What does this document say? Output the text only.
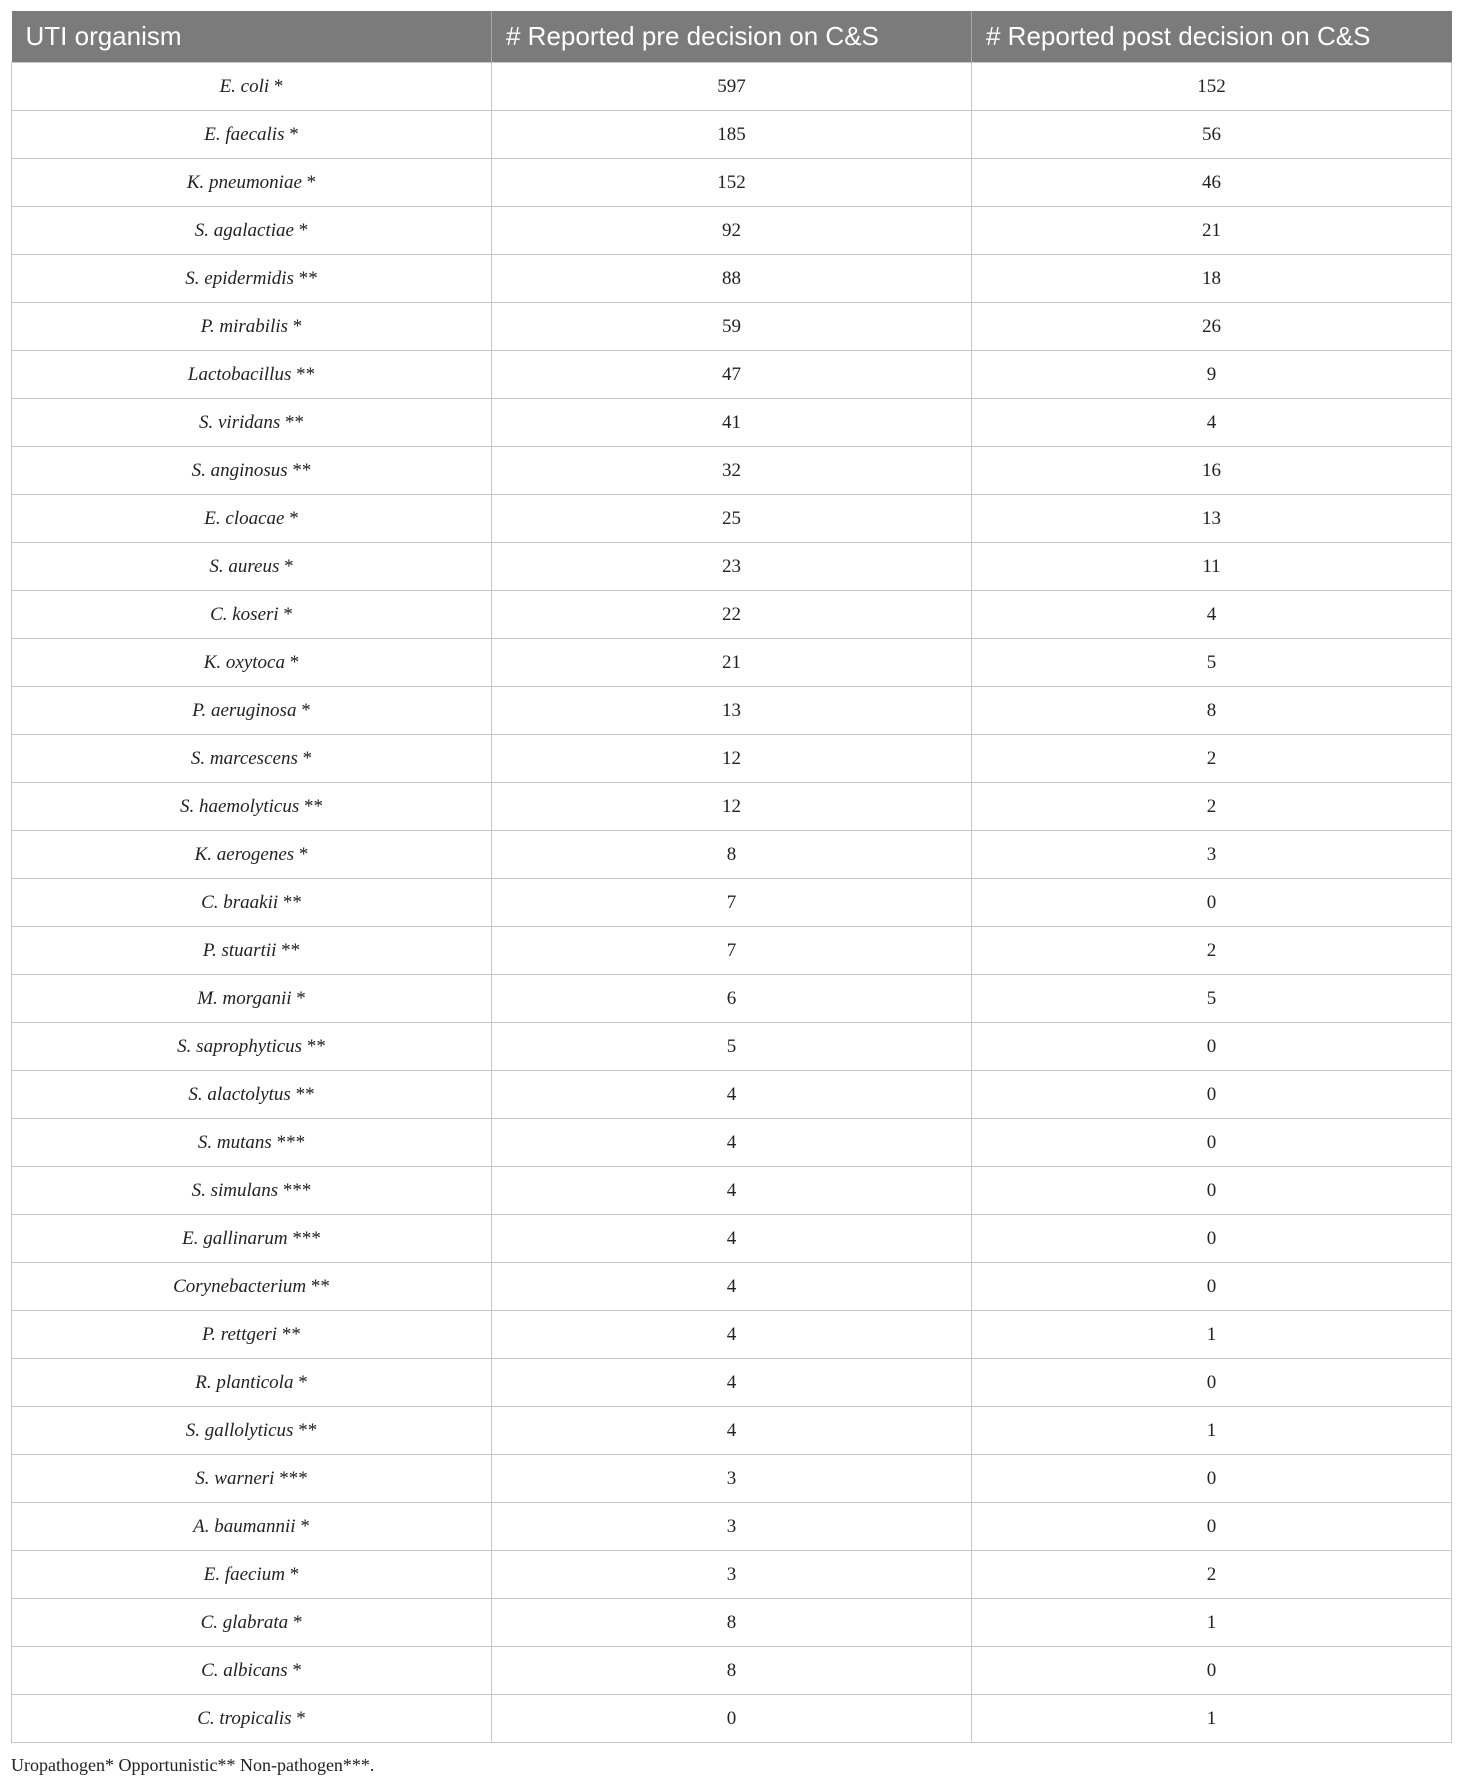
UTI organism	# Reported pre decision on C&S	# Reported post decision on C&S
E. coli *	597	152
E. faecalis *	185	56
K. pneumoniae *	152	46
S. agalactiae *	92	21
S. epidermidis **	88	18
P. mirabilis *	59	26
Lactobacillus **	47	9
S. viridans **	41	4
S. anginosus **	32	16
E. cloacae *	25	13
S. aureus *	23	11
C. koseri *	22	4
K. oxytoca *	21	5
P. aeruginosa *	13	8
S. marcescens *	12	2
S. haemolyticus **	12	2
K. aerogenes *	8	3
C. braakii **	7	0
P. stuartii **	7	2
M. morganii *	6	5
S. saprophyticus **	5	0
S. alactolytus **	4	0
S. mutans ***	4	0
S. simulans ***	4	0
E. gallinarum ***	4	0
Corynebacterium **	4	0
P. rettgeri **	4	1
R. planticola *	4	0
S. gallolyticus **	4	1
S. warneri ***	3	0
A. baumannii *	3	0
E. faecium *	3	2
C. glabrata *	8	1
C. albicans *	8	0
C. tropicalis *	0	1
Uropathogen* Opportunistic** Non-pathogen***.
